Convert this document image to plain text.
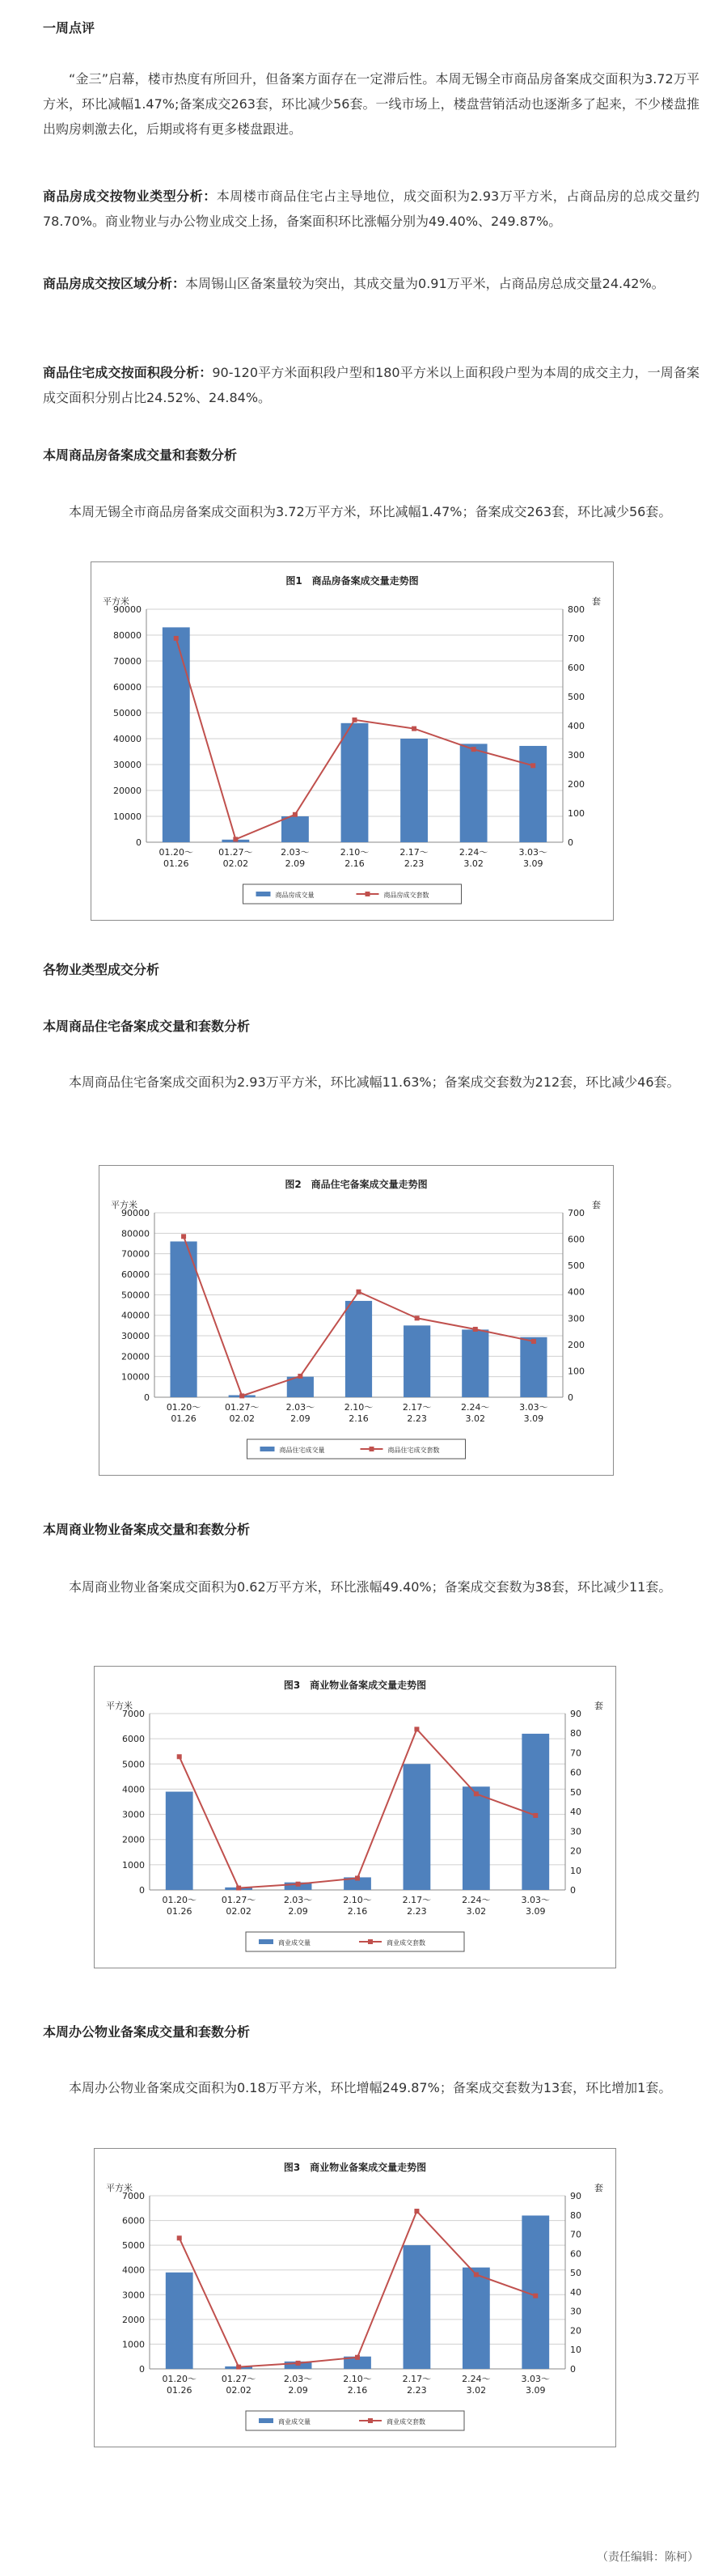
一周点评

“金三”启幕，楼市热度有所回升，但备案方面存在一定滞后性。本周无锡全市商品房备案成交面积为3.72万平方米，环比减幅1.47%;备案成交263套，环比减少56套。一线市场上，楼盘营销活动也逐渐多了起来，不少楼盘推出购房刺激去化，后期或将有更多楼盘跟进。

商品房成交按物业类型分析：本周楼市商品住宅占主导地位，成交面积为2.93万平方米，占商品房的总成交量约78.70%。商业物业与办公物业成交上扬，备案面积环比涨幅分别为49.40%、249.87%。

商品房成交按区域分析：本周锡山区备案量较为突出，其成交量为0.91万平米，占商品房总成交量24.42%。

商品住宅成交按面积段分析：90-120平方米面积段户型和180平方米以上面积段户型为本周的成交主力，一周备案成交面积分别占比24.52%、24.84%。

本周商品房备案成交量和套数分析

本周无锡全市商品房备案成交面积为3.72万平方米，环比减幅1.47%；备案成交263套，环比减少56套。

图1　商品房备案成交量走势图
平方米	套
0
10000
20000
30000
40000
50000
60000
70000
80000
90000
0
100
200
300
400
500
600
700
800
01.20～
01.26
01.27～
02.02
2.03～
2.09
2.10～
2.16
2.17～
2.23
2.24～
3.02
3.03～
3.09
商品房成交量	商品房成交套数
各物业类型成交分析
本周商品住宅备案成交量和套数分析

本周商品住宅备案成交面积为2.93万平方米，环比减幅11.63%；备案成交套数为212套，环比减少46套。

图2　商品住宅备案成交量走势图
平方米	套
0
10000
20000
30000
40000
50000
60000
70000
80000
90000
0
100
200
300
400
500
600
700
01.20～
01.26
01.27～
02.02
2.03～
2.09
2.10～
2.16
2.17～
2.23
2.24～
3.02
3.03～
3.09
商品住宅成交量	商品住宅成交套数
本周商业物业备案成交量和套数分析

本周商业物业备案成交面积为0.62万平方米，环比涨幅49.40%；备案成交套数为38套，环比减少11套。

图3　商业物业备案成交量走势图
平方米	套
0
1000
2000
3000
4000
5000
6000
7000
0
10
20
30
40
50
60
70
80
90
01.20～
01.26
01.27～
02.02
2.03～
2.09
2.10～
2.16
2.17～
2.23
2.24～
3.02
3.03～
3.09
商业成交量	商业成交套数
本周办公物业备案成交量和套数分析

本周办公物业备案成交面积为0.18万平方米，环比增幅249.87%；备案成交套数为13套，环比增加1套。

图3　商业物业备案成交量走势图
平方米	套
0
1000
2000
3000
4000
5000
6000
7000
0
10
20
30
40
50
60
70
80
90
01.20～
01.26
01.27～
02.02
2.03～
2.09
2.10～
2.16
2.17～
2.23
2.24～
3.02
3.03～
3.09
商业成交量	商业成交套数
（责任编辑：陈柯）
